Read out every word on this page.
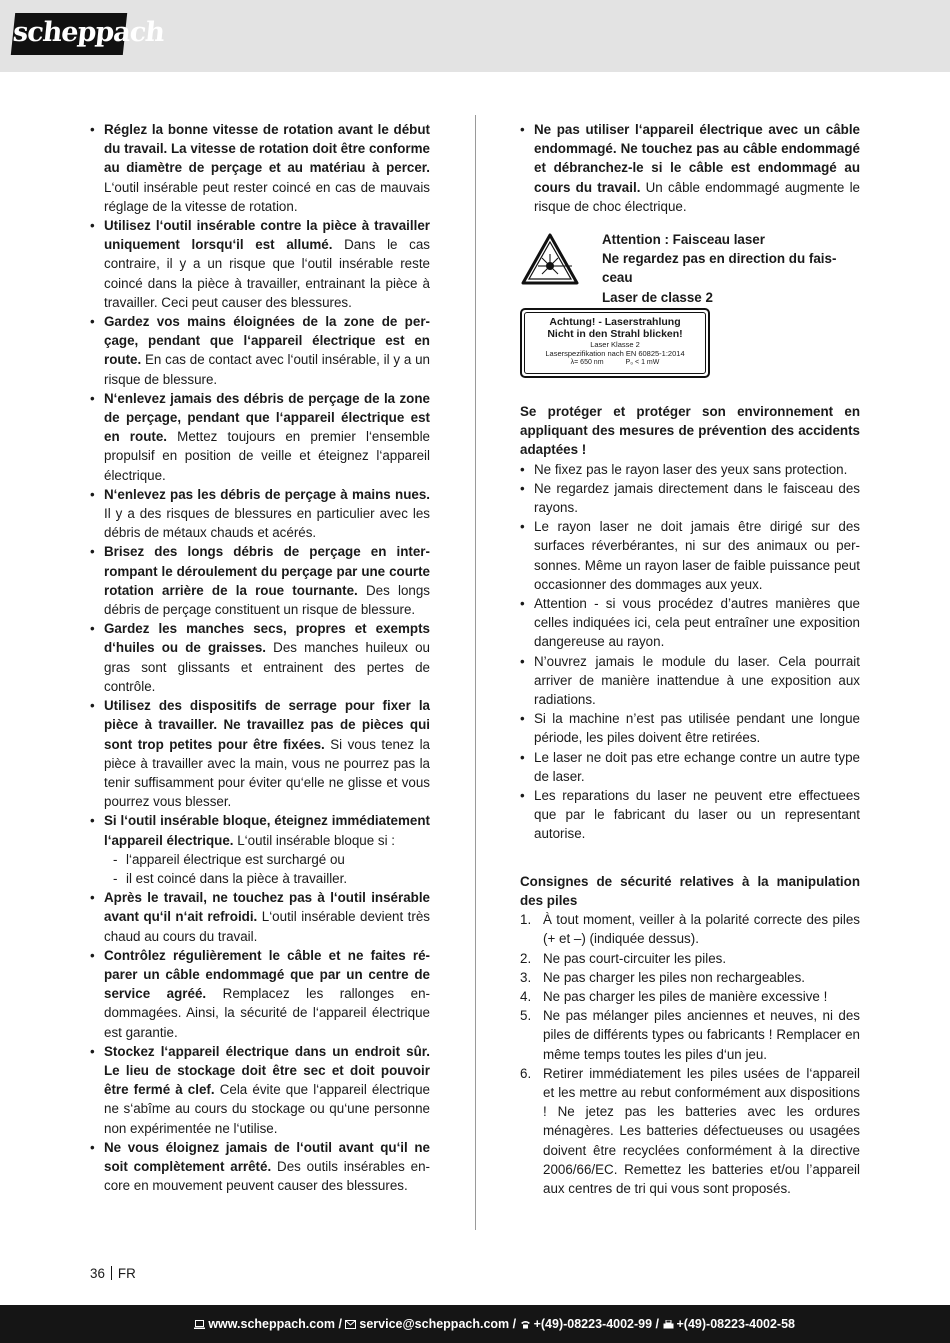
scheppach
• Réglez la bonne vitesse de rotation avant le début du travail. La vitesse de rotation doit être conforme au diamètre de perçage et au matériau à percer. L‘outil insérable peut rester coincé en cas de mauvais réglage de la vitesse de rotation.
• Utilisez l‘outil insérable contre la pièce à travailler uniquement lorsqu‘il est allumé. Dans le cas contraire, il y a un risque que l‘outil insérable reste coincé dans la pièce à travailler, entrainant la pièce à travailler. Ceci peut causer des blessures.
• Gardez vos mains éloignées de la zone de perçage, pendant que l‘appareil électrique est en route. En cas de contact avec l‘outil insérable, il y a un risque de blessure.
• N‘enlevez jamais des débris de perçage de la zone de perçage, pendant que l‘appareil électrique est en route. Mettez toujours en premier l‘ensemble propulsif en position de veille et éteignez l‘appareil électrique.
• N‘enlevez pas les débris de perçage à mains nues. Il y a des risques de blessures en particulier avec les débris de métaux chauds et acérés.
• Brisez des longs débris de perçage en interrompant le déroulement du perçage par une courte rotation arrière de la roue tournante. Des longs débris de perçage constituent un risque de blessure.
• Gardez les manches secs, propres et exempts d‘huiles ou de graisses. Des manches huileux ou gras sont glissants et entrainent des pertes de contrôle.
• Utilisez des dispositifs de serrage pour fixer la pièce à travailler. Ne travaillez pas de pièces qui sont trop petites pour être fixées. Si vous tenez la pièce à travailler avec la main, vous ne pourrez pas la tenir suffisamment pour éviter qu‘elle ne glisse et vous pourrez vous blesser.
• Si l‘outil insérable bloque, éteignez immédiatement l‘appareil électrique. L‘outil insérable bloque si :
- l‘appareil électrique est surchargé ou
- il est coincé dans la pièce à travailler.
• Après le travail, ne touchez pas à l‘outil insérable avant qu‘il n‘ait refroidi. L‘outil insérable devient très chaud au cours du travail.
• Contrôlez régulièrement le câble et ne faites réparer un câble endommagé que par un centre de service agréé. Remplacez les rallonges endommagées. Ainsi, la sécurité de l‘appareil électrique est garantie.
• Stockez l‘appareil électrique dans un endroit sûr. Le lieu de stockage doit être sec et doit pouvoir être fermé à clef. Cela évite que l‘appareil électrique ne s‘abîme au cours du stockage ou qu‘une personne non expérimentée ne l‘utilise.
• Ne vous éloignez jamais de l‘outil avant qu‘il ne soit complètement arrêté. Des outils insérables encore en mouvement peuvent causer des blessures.
• Ne pas utiliser l‘appareil électrique avec un câble endommagé. Ne touchez pas au câble endommagé et débranchez-le si le câble est endommagé au cours du travail. Un câble endommagé augmente le risque de choc électrique.
Attention : Faisceau laser
Ne regardez pas en direction du faisceau
Laser de classe 2
Achtung! - Laserstrahlung
Nicht in den Strahl blicken!
Laser Klasse 2
Laserspezifikation nach EN 60825-1:2014
λ= 650 nm	P₀ < 1 mW
Se protéger et protéger son environnement en appliquant des mesures de prévention des accidents adaptées !
• Ne fixez pas le rayon laser des yeux sans protection.
• Ne regardez jamais directement dans le faisceau des rayons.
• Le rayon laser ne doit jamais être dirigé sur des surfaces réverbérantes, ni sur des animaux ou personnes. Même un rayon laser de faible puissance peut occasionner des dommages aux yeux.
• Attention - si vous procédez d’autres manières que celles indiquées ici, cela peut entraîner une exposition dangereuse au rayon.
• N’ouvrez jamais le module du laser. Cela pourrait arriver de manière inattendue à une exposition aux radiations.
• Si la machine n’est pas utilisée pendant une longue période, les piles doivent être retirées.
• Le laser ne doit pas etre echange contre un autre type de laser.
• Les reparations du laser ne peuvent etre effectuees que par le fabricant du laser ou un representant autorise.
Consignes de sécurité relatives à la manipulation des piles
1. À tout moment, veiller à la polarité correcte des piles (+ et –) (indiquée dessus).
2. Ne pas court-circuiter les piles.
3. Ne pas charger les piles non rechargeables.
4. Ne pas charger les piles de manière excessive !
5. Ne pas mélanger piles anciennes et neuves, ni des piles de différents types ou fabricants ! Remplacer en même temps toutes les piles d‘un jeu.
6. Retirer immédiatement les piles usées de l‘appareil et les mettre au rebut conformément aux dispositions ! Ne jetez pas les batteries avec les ordures ménagères. Les batteries défectueuses ou usagées doivent être recyclées conformément à la directive 2006/66/EC. Remettez les batteries et/ou l’appareil aux centres de tri qui vous sont proposés.
36 FR
www.scheppach.com / service@scheppach.com / +(49)-08223-4002-99 / +(49)-08223-4002-58
